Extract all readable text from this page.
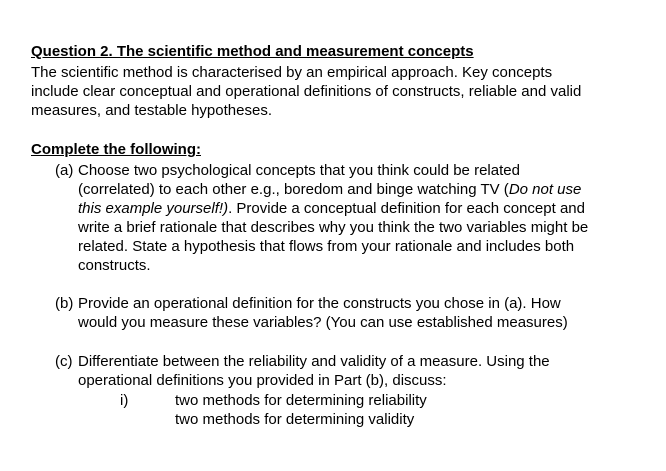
Question 2. The scientific method and measurement concepts
The scientific method is characterised by an empirical approach. Key concepts
include clear conceptual and operational definitions of constructs, reliable and valid
measures, and testable hypotheses.
Complete the following:
(a) Choose two psychological concepts that you think could be related
(correlated) to each other e.g., boredom and binge watching TV (Do not use
this example yourself!). Provide a conceptual definition for each concept and
write a brief rationale that describes why you think the two variables might be
related. State a hypothesis that flows from your rationale and includes both
constructs.
(b) Provide an operational definition for the constructs you chose in (a). How
would you measure these variables? (You can use established measures)
(c) Differentiate between the reliability and validity of a measure. Using the
operational definitions you provided in Part (b), discuss:
i)	two methods for determining reliability
two methods for determining validity
